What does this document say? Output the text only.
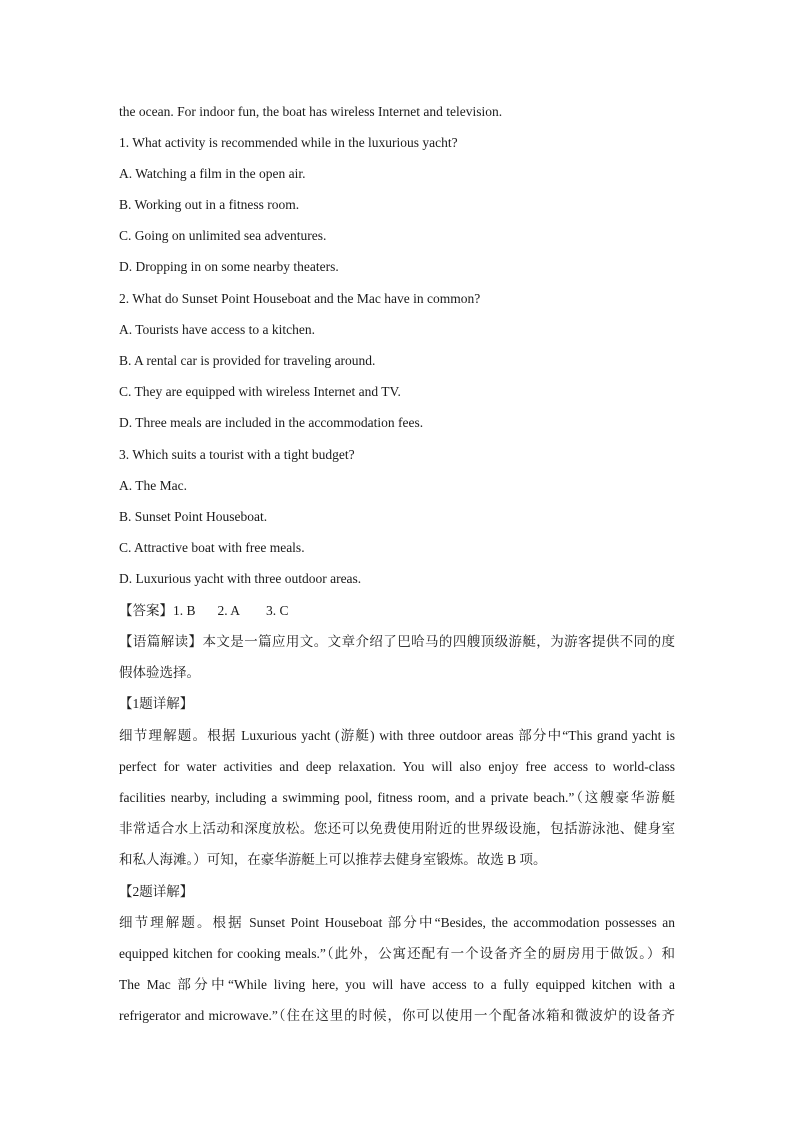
the ocean. For indoor fun, the boat has wireless Internet and television.
1. What activity is recommended while in the luxurious yacht?
A. Watching a film in the open air.
B. Working out in a fitness room.
C. Going on unlimited sea adventures.
D. Dropping in on some nearby theaters.
2. What do Sunset Point Houseboat and the Mac have in common?
A. Tourists have access to a kitchen.
B. A rental car is provided for traveling around.
C. They are equipped with wireless Internet and TV.
D. Three meals are included in the accommodation fees.
3. Which suits a tourist with a tight budget?
A. The Mac.
B. Sunset Point Houseboat.
C. Attractive boat with free meals.
D. Luxurious yacht with three outdoor areas.
【答案】1. B 2. A 3. C
【语篇解读】本文是一篇应用文。文章介绍了巴哈马的四艘顶级游艇，为游客提供不同的度
假体验选择。
【1题详解】
细节理解题。根据 Luxurious yacht (游艇) with three outdoor areas 部分中“This grand yacht is
perfect for water activities and deep relaxation. You will also enjoy free access to world-class
facilities nearby, including a swimming pool, fitness room, and a private beach.”（这艘豪华游艇
非常适合水上活动和深度放松。您还可以免费使用附近的世界级设施，包括游泳池、健身室
和私人海滩。）可知，在豪华游艇上可以推荐去健身室锻炼。故选 B 项。
【2题详解】
细节理解题。根据 Sunset Point Houseboat 部分中“Besides, the accommodation possesses an
equipped kitchen for cooking meals.”（此外，公寓还配有一个设备齐全的厨房用于做饭。）和
The Mac 部分中“While living here, you will have access to a fully equipped kitchen with a
refrigerator and microwave.”（住在这里的时候，你可以使用一个配备冰箱和微波炉的设备齐
